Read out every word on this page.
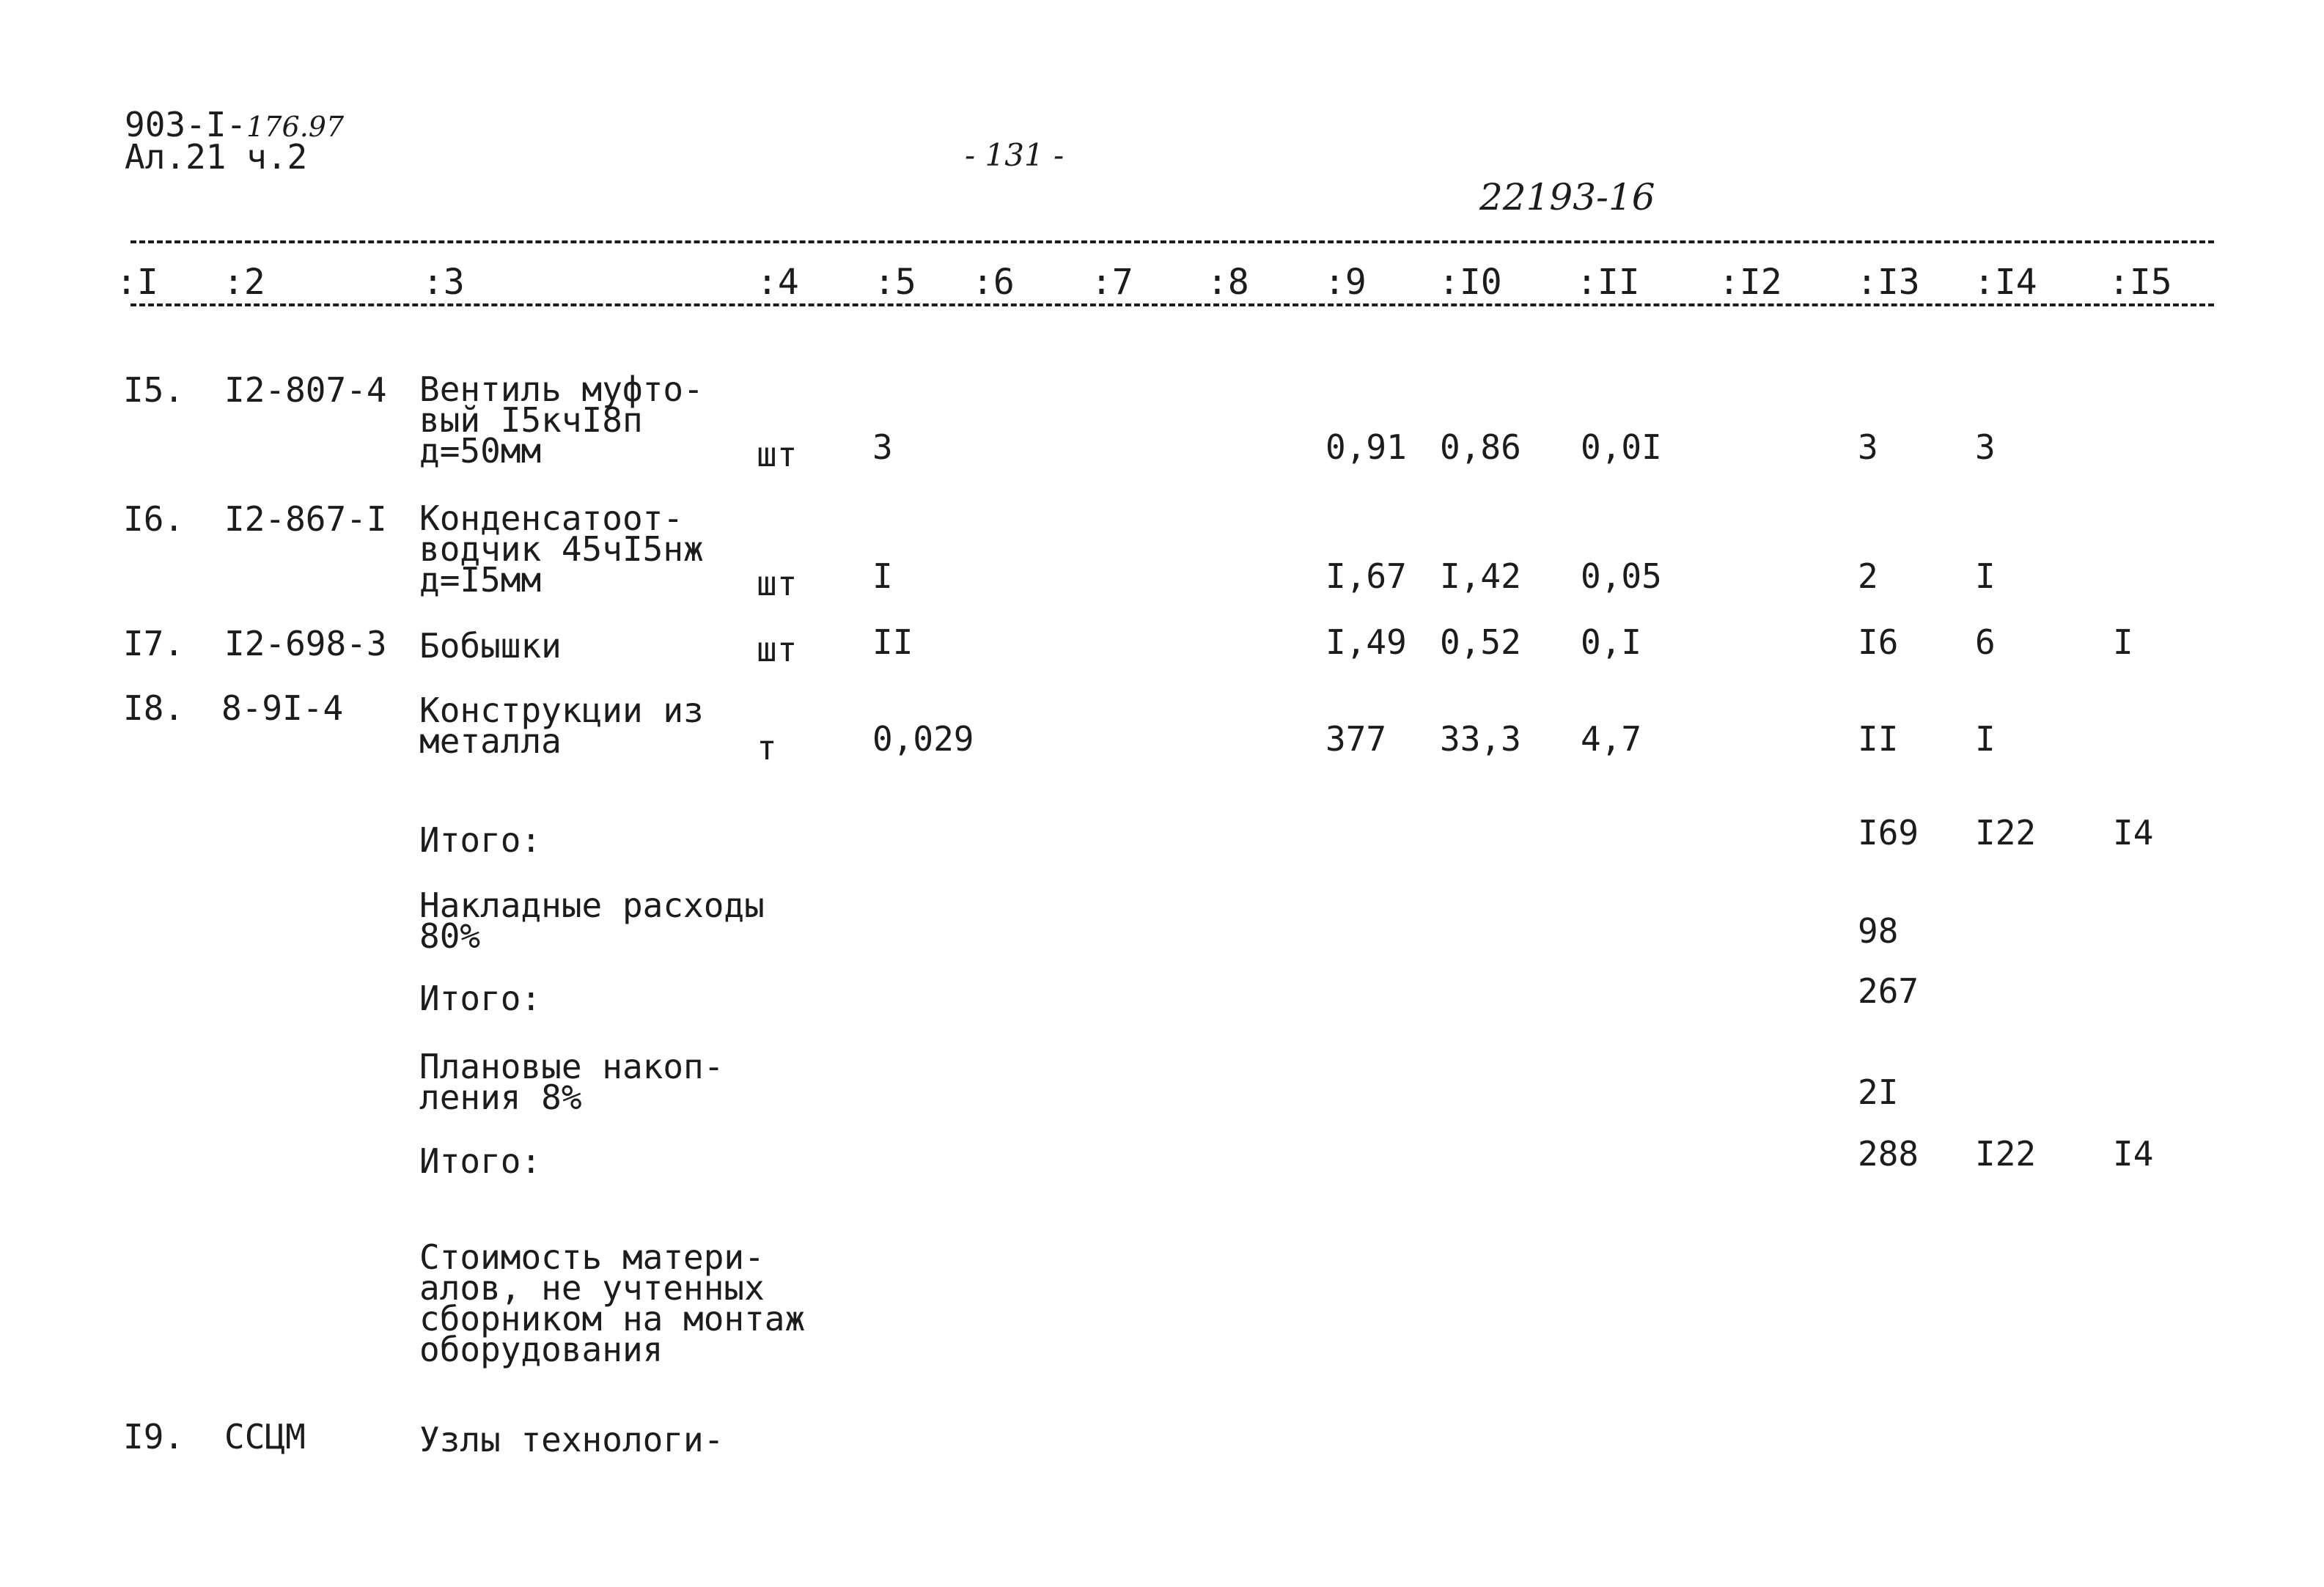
903-I-176.97
Ал.21 ч.2	- 131 -
22193-16
:I :2	:3	:4 :5 :6 :7 :8 :9 :I0 :II :I2 :I3 :I4 :I5
I5. I2-807-4 Вентиль муфто-
вый I5кчI8п
д=50мм	шт 3	0,91 0,86 0,0I	3	3
I6. I2-867-I Конденсатоот-
водчик 45чI5нж
д=I5мм	шт I	I,67 I,42 0,05	2	I
I7. I2-698-3 Бобышки	шт II	I,49 0,52 0,I	I6 6	I
I8. 8-9I-4 Конструкции из
металла	т	0,029	377 33,3 4,7	II I
Итого:	I69 I22 I4
Накладные расходы
80%	98
Итого:	267
Плановые накоп-
ления 8%	2I
Итого:	288 I22 I4
Стоимость матери-
алов, не учтенных
сборником на монтаж
оборудования
I9. ССЦМ	Узлы технологи-
